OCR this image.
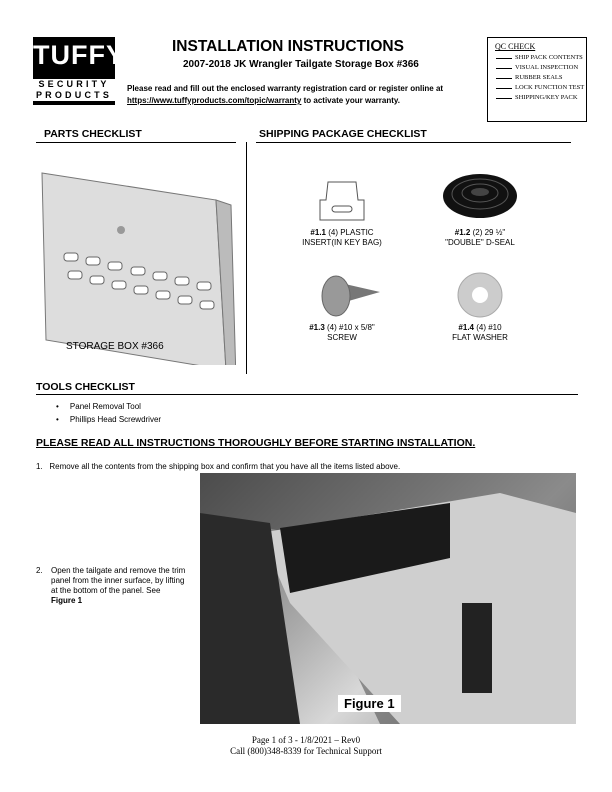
TUFFY
SECURITY
PRODUCTS
INSTALLATION INSTRUCTIONS
2007-2018 JK Wrangler Tailgate Storage Box #366
Please read and fill out the enclosed warranty registration card or register online at
https://www.tuffyproducts.com/topic/warranty to activate your warranty.
QC CHECK
SHIP PACK CONTENTS
VISUAL INSPECTION
RUBBER SEALS
LOCK FUNCTION TEST
SHIPPING/KEY PACK
PARTS CHECKLIST	SHIPPING PACKAGE CHECKLIST
STORAGE BOX #366
#1.1 (4) PLASTIC
INSERT(IN KEY BAG)
#1.2 (2) 29 ½"
"DOUBLE" D-SEAL
#1.3 (4) #10 x 5/8"
SCREW
#1.4 (4) #10
FLAT WASHER
TOOLS CHECKLIST
•     Panel Removal Tool
•     Phillips Head Screwdriver
PLEASE READ ALL INSTRUCTIONS THOROUGHLY BEFORE STARTING INSTALLATION.
1. Remove all the contents from the shipping box and confirm that you have all the items listed above.
2. Open the tailgate and remove the trim panel from the inner surface, by lifting at the bottom of the panel. See Figure 1
Figure 1
Page 1 of 3 - 1/8/2021 – Rev0
Call (800)348-8339 for Technical Support
